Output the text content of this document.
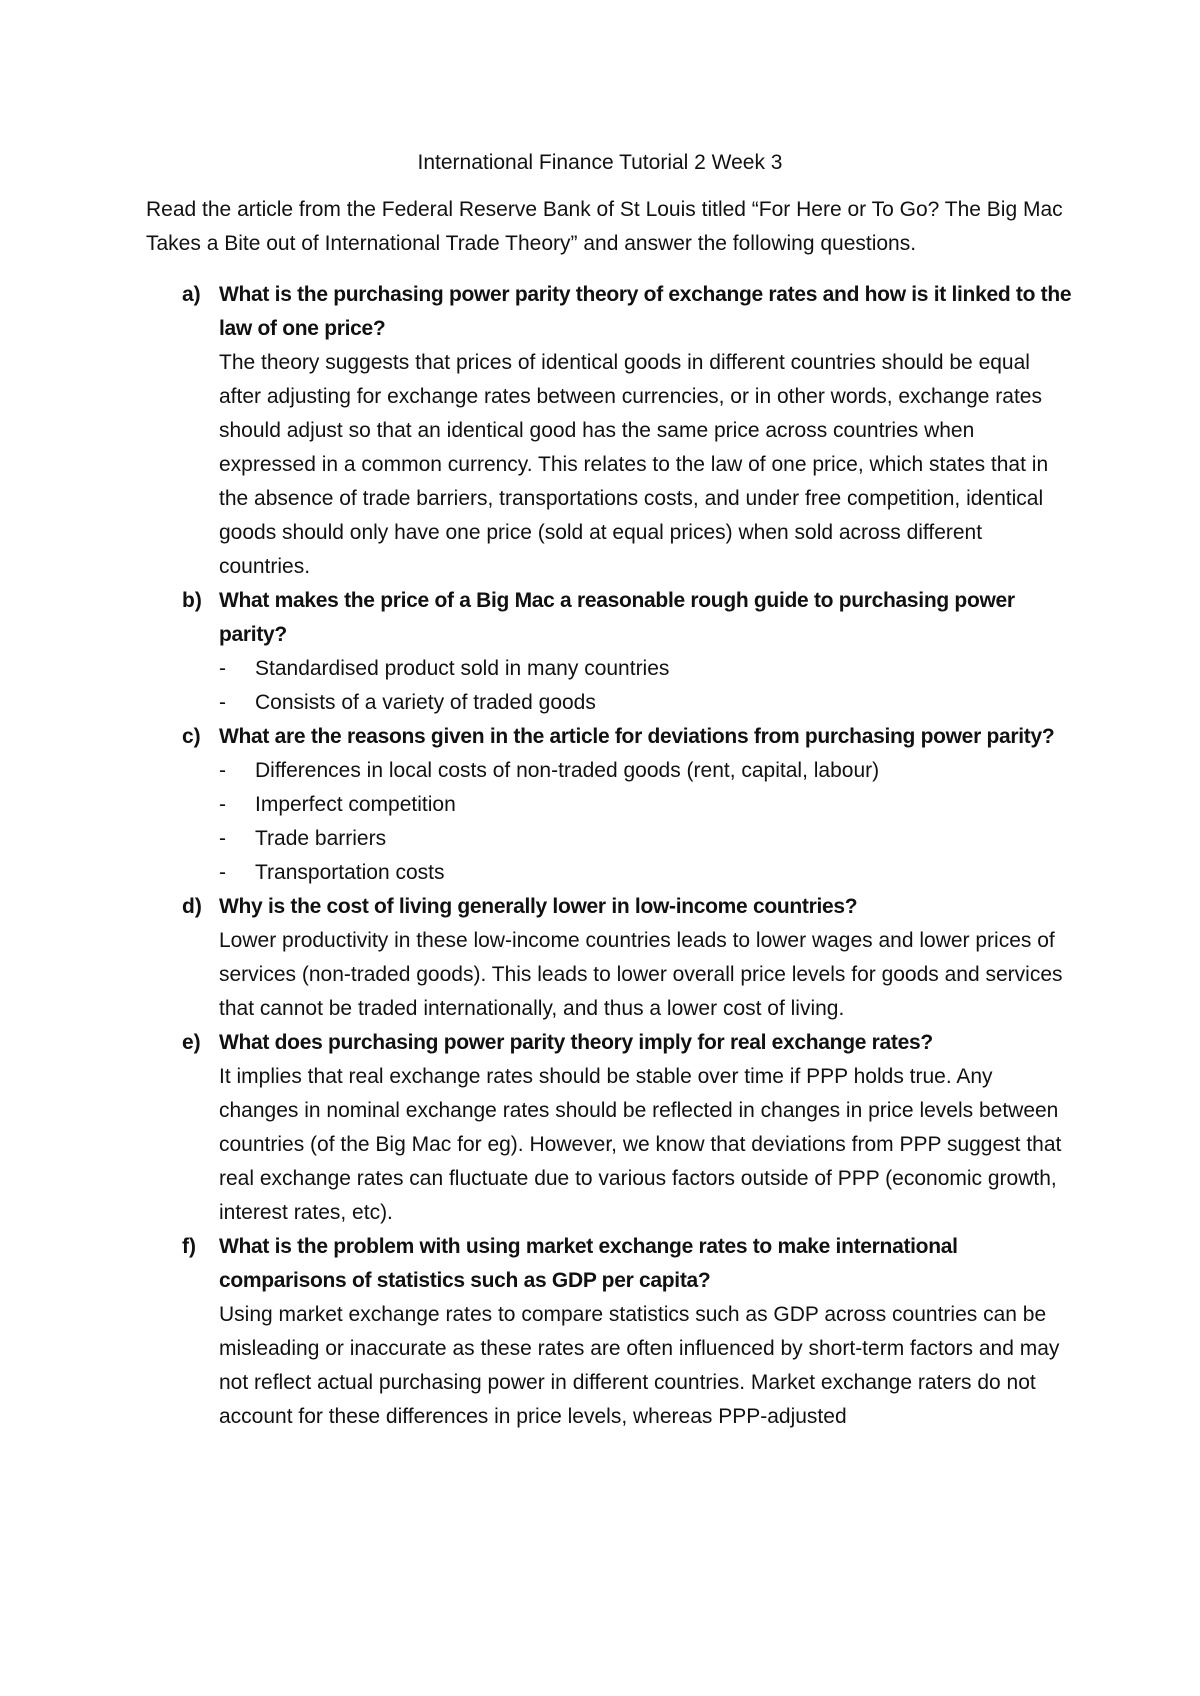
International Finance Tutorial 2 Week 3
Read the article from the Federal Reserve Bank of St Louis titled “For Here or To Go? The Big Mac Takes a Bite out of International Trade Theory” and answer the following questions.
a) What is the purchasing power parity theory of exchange rates and how is it linked to the law of one price?
The theory suggests that prices of identical goods in different countries should be equal after adjusting for exchange rates between currencies, or in other words, exchange rates should adjust so that an identical good has the same price across countries when expressed in a common currency. This relates to the law of one price, which states that in the absence of trade barriers, transportations costs, and under free competition, identical goods should only have one price (sold at equal prices) when sold across different countries.
b) What makes the price of a Big Mac a reasonable rough guide to purchasing power parity?
- Standardised product sold in many countries
- Consists of a variety of traded goods
c) What are the reasons given in the article for deviations from purchasing power parity?
- Differences in local costs of non-traded goods (rent, capital, labour)
- Imperfect competition
- Trade barriers
- Transportation costs
d) Why is the cost of living generally lower in low-income countries?
Lower productivity in these low-income countries leads to lower wages and lower prices of services (non-traded goods). This leads to lower overall price levels for goods and services that cannot be traded internationally, and thus a lower cost of living.
e) What does purchasing power parity theory imply for real exchange rates?
It implies that real exchange rates should be stable over time if PPP holds true. Any changes in nominal exchange rates should be reflected in changes in price levels between countries (of the Big Mac for eg). However, we know that deviations from PPP suggest that real exchange rates can fluctuate due to various factors outside of PPP (economic growth, interest rates, etc).
f) What is the problem with using market exchange rates to make international comparisons of statistics such as GDP per capita?
Using market exchange rates to compare statistics such as GDP across countries can be misleading or inaccurate as these rates are often influenced by short-term factors and may not reflect actual purchasing power in different countries. Market exchange raters do not account for these differences in price levels, whereas PPP-adjusted
